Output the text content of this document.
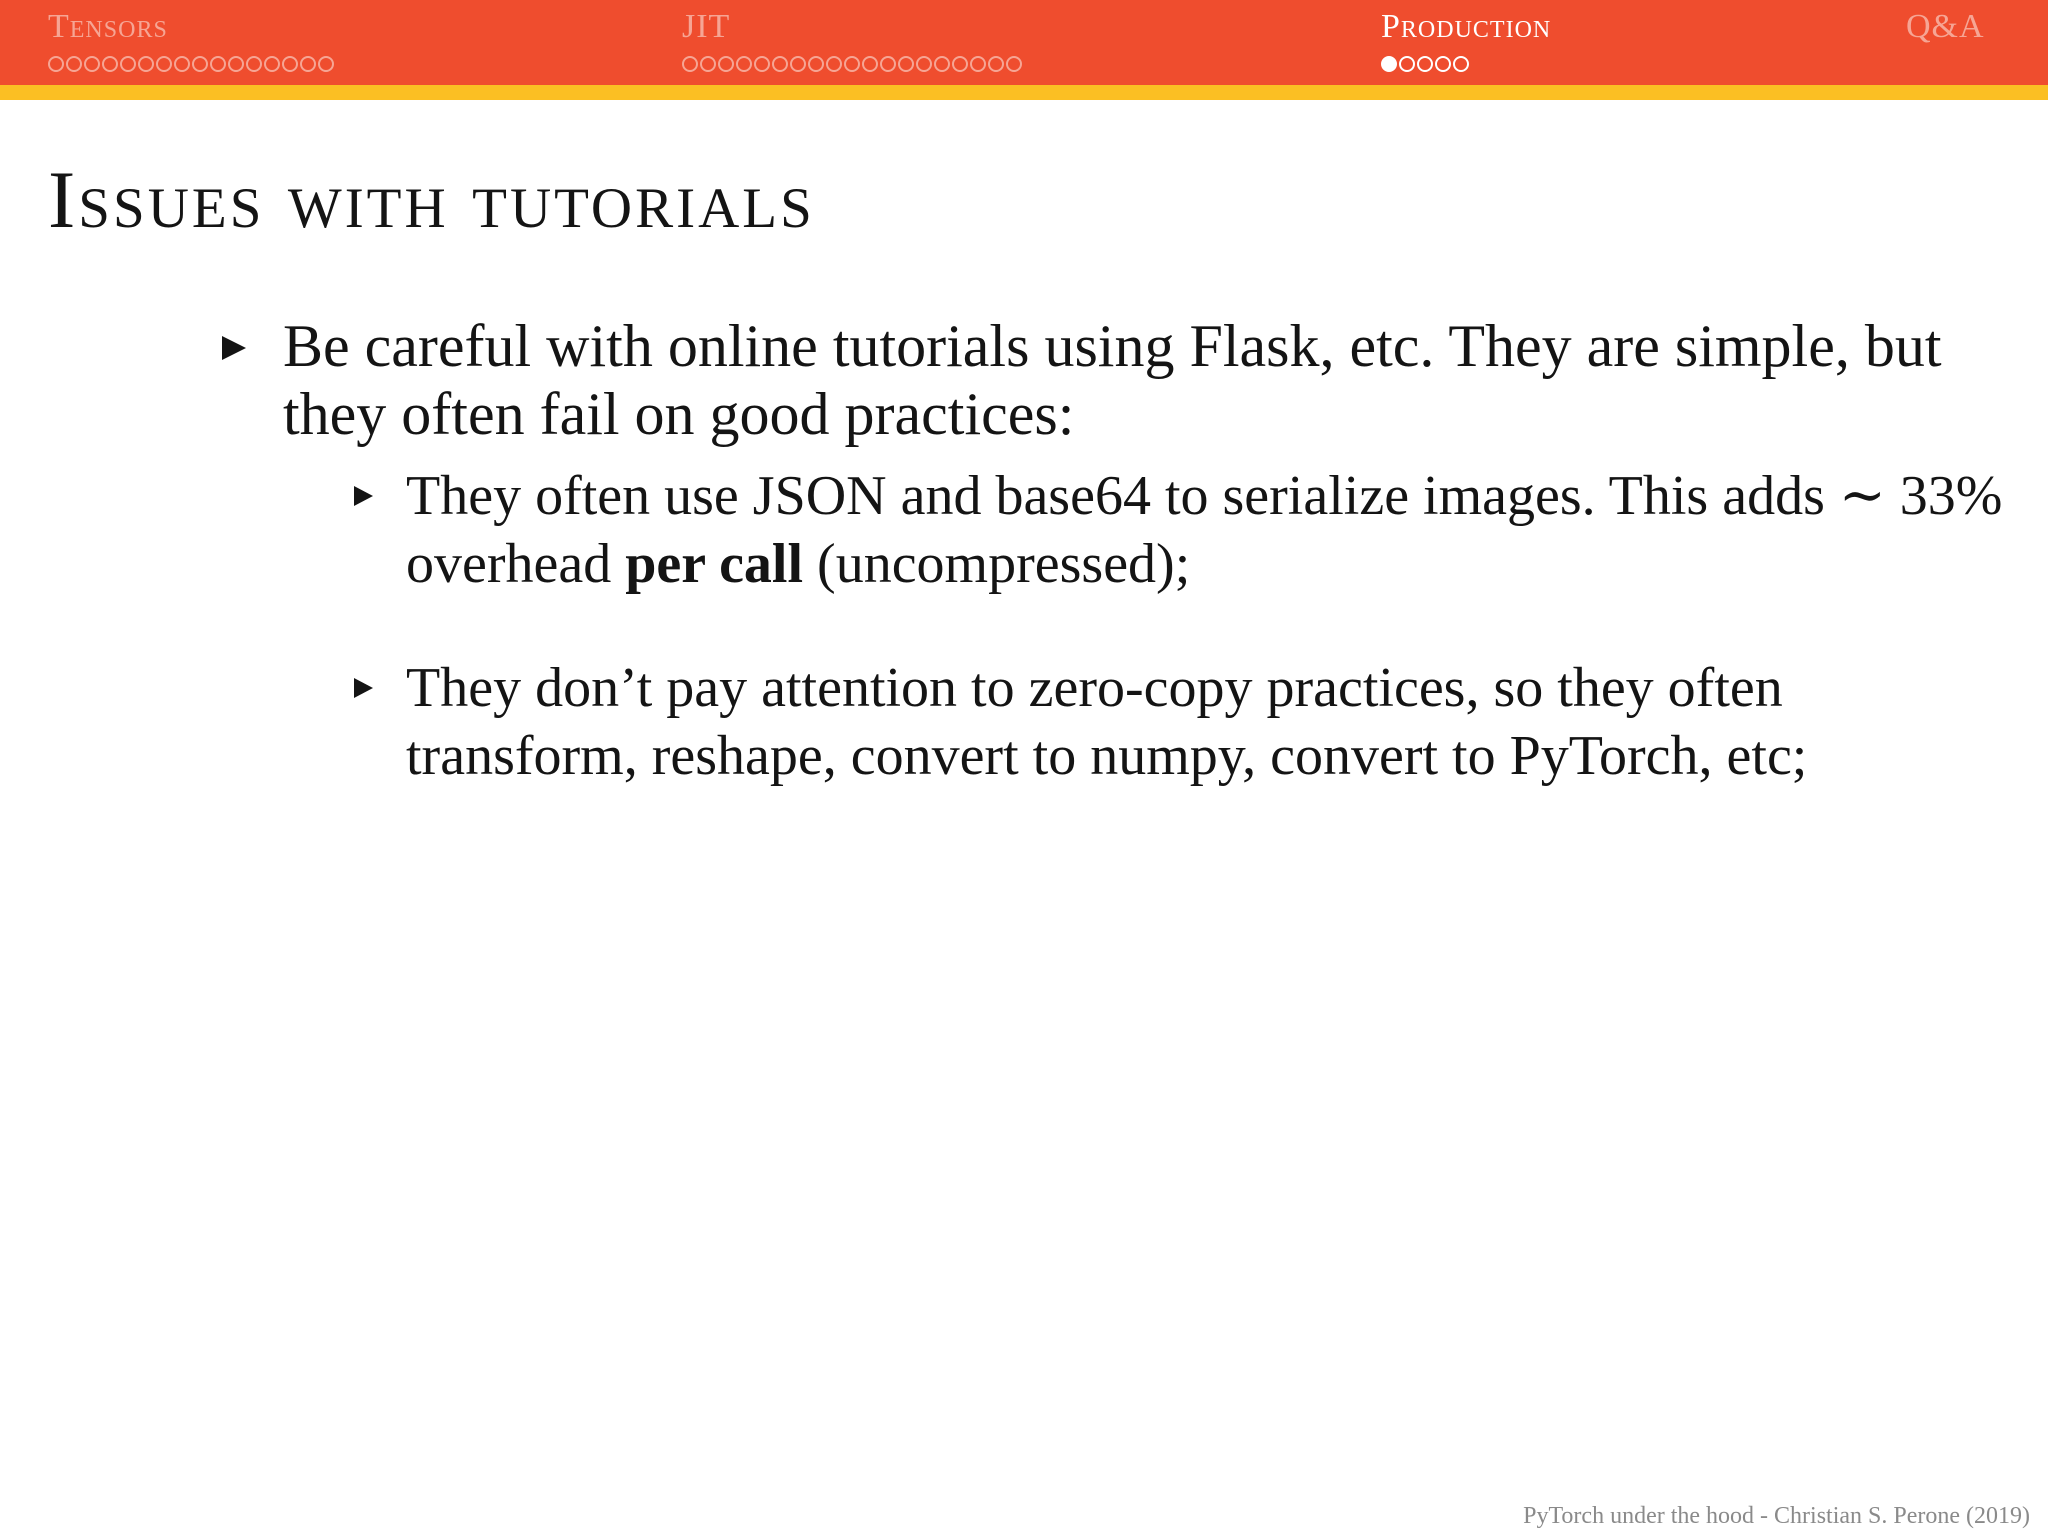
Tensors	JIT	Production	Q&A
Issues with tutorials
Be careful with online tutorials using Flask, etc. They are simple, but they often fail on good practices:
They often use JSON and base64 to serialize images. This adds ∼ 33% overhead per call (uncompressed);
They don’t pay attention to zero-copy practices, so they often transform, reshape, convert to numpy, convert to PyTorch, etc;
PyTorch under the hood - Christian S. Perone (2019)
